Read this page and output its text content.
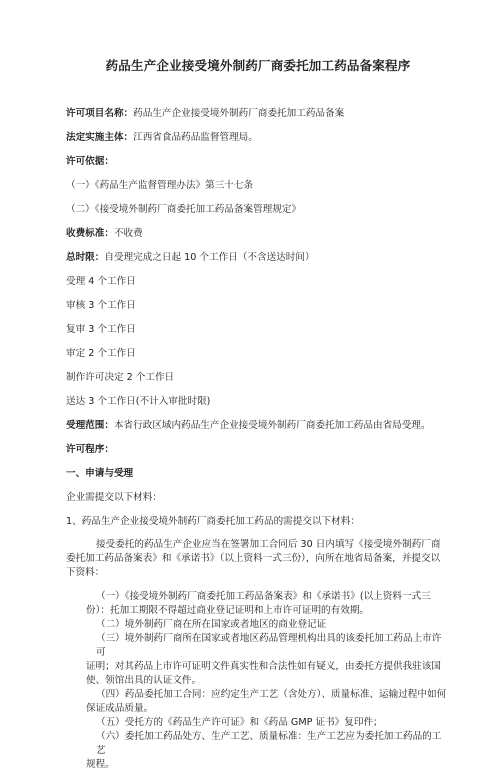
药品生产企业接受境外制药厂商委托加工药品备案程序

许可项目名称：药品生产企业接受境外制药厂商委托加工药品备案

法定实施主体：江西省食品药品监督管理局。

许可依据：

（一）《药品生产监督管理办法》第三十七条

（二）《接受境外制药厂商委托加工药品备案管理规定》

收费标准：不收费

总时限：自受理完成之日起 10 个工作日（不含送达时间）

受理 4 个工作日

审核 3 个工作日

复审 3 个工作日

审定 2 个工作日

制作许可决定 2 个工作日

送达 3 个工作日(不计入审批时限)

受理范围：本省行政区域内药品生产企业接受境外制药厂商委托加工药品由省局受理。

许可程序：

一、申请与受理

企业需提交以下材料：

1、药品生产企业接受境外制药厂商委托加工药品的需提交以下材料：

接受委托的药品生产企业应当在签署加工合同后 30 日内填写《接受境外制药厂商委托加工药品备案表》和《承诺书》（以上资料一式三份），向所在地省局备案，并提交以下资料：

（一）《接受境外制药厂商委托加工药品备案表》和《承诺书》(以上资料一式三
份）：托加工期限不得超过商业登记证明和上市许可证明的有效期。

（二）境外制药厂商在所在国家或者地区的商业登记证

（三）境外制药厂商所在国家或者地区药品管理机构出具的该委托加工药品上市许可

证明；对其药品上市许可证明文件真实性和合法性如有疑义，由委托方提供我驻该国使、领馆出具的认证文件。

（四）药品委托加工合同：应约定生产工艺（含处方）、质量标准、运输过程中如何
保证成品质量。

（五）受托方的《药品生产许可证》和《药品 GMP 证书》复印件；

（六）委托加工药品处方、生产工艺、质量标准：生产工艺应为委托加工药品的工艺
规程。
